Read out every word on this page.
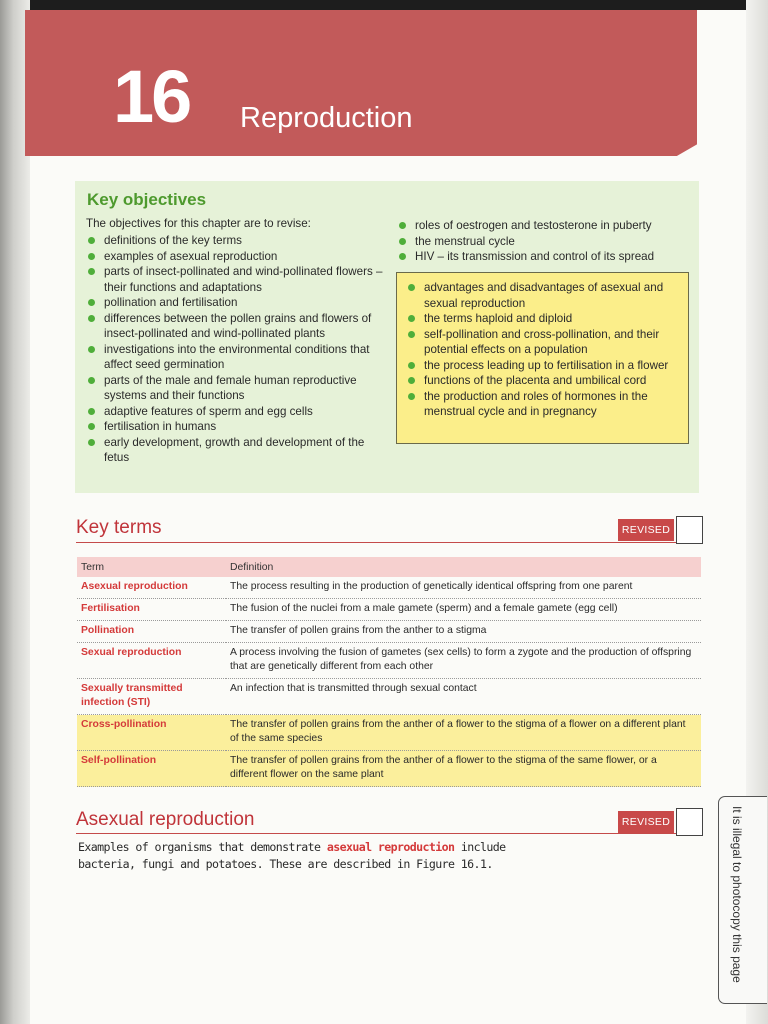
16 Reproduction
Key objectives
The objectives for this chapter are to revise:
definitions of the key terms
examples of asexual reproduction
parts of insect-pollinated and wind-pollinated flowers – their functions and adaptations
pollination and fertilisation
differences between the pollen grains and flowers of insect-pollinated and wind-pollinated plants
investigations into the environmental conditions that affect seed germination
parts of the male and female human reproductive systems and their functions
adaptive features of sperm and egg cells
fertilisation in humans
early development, growth and development of the fetus
roles of oestrogen and testosterone in puberty
the menstrual cycle
HIV – its transmission and control of its spread
advantages and disadvantages of asexual and sexual reproduction
the terms haploid and diploid
self-pollination and cross-pollination, and their potential effects on a population
the process leading up to fertilisation in a flower
functions of the placenta and umbilical cord
the production and roles of hormones in the menstrual cycle and in pregnancy
Key terms	REVISED
Term	Definition
Asexual reproduction	The process resulting in the production of genetically identical offspring from one parent
Fertilisation	The fusion of the nuclei from a male gamete (sperm) and a female gamete (egg cell)
Pollination	The transfer of pollen grains from the anther to a stigma
Sexual reproduction	A process involving the fusion of gametes (sex cells) to form a zygote and the production of offspring that are genetically different from each other
Sexually transmitted infection (STI)	An infection that is transmitted through sexual contact
Cross-pollination	The transfer of pollen grains from the anther of a flower to the stigma of a flower on a different plant of the same species
Self-pollination	The transfer of pollen grains from the anther of a flower to the stigma of the same flower, or a different flower on the same plant
Asexual reproduction	REVISED
Examples of organisms that demonstrate asexual reproduction include bacteria, fungi and potatoes. These are described in Figure 16.1.	It is illegal to photocopy this page
